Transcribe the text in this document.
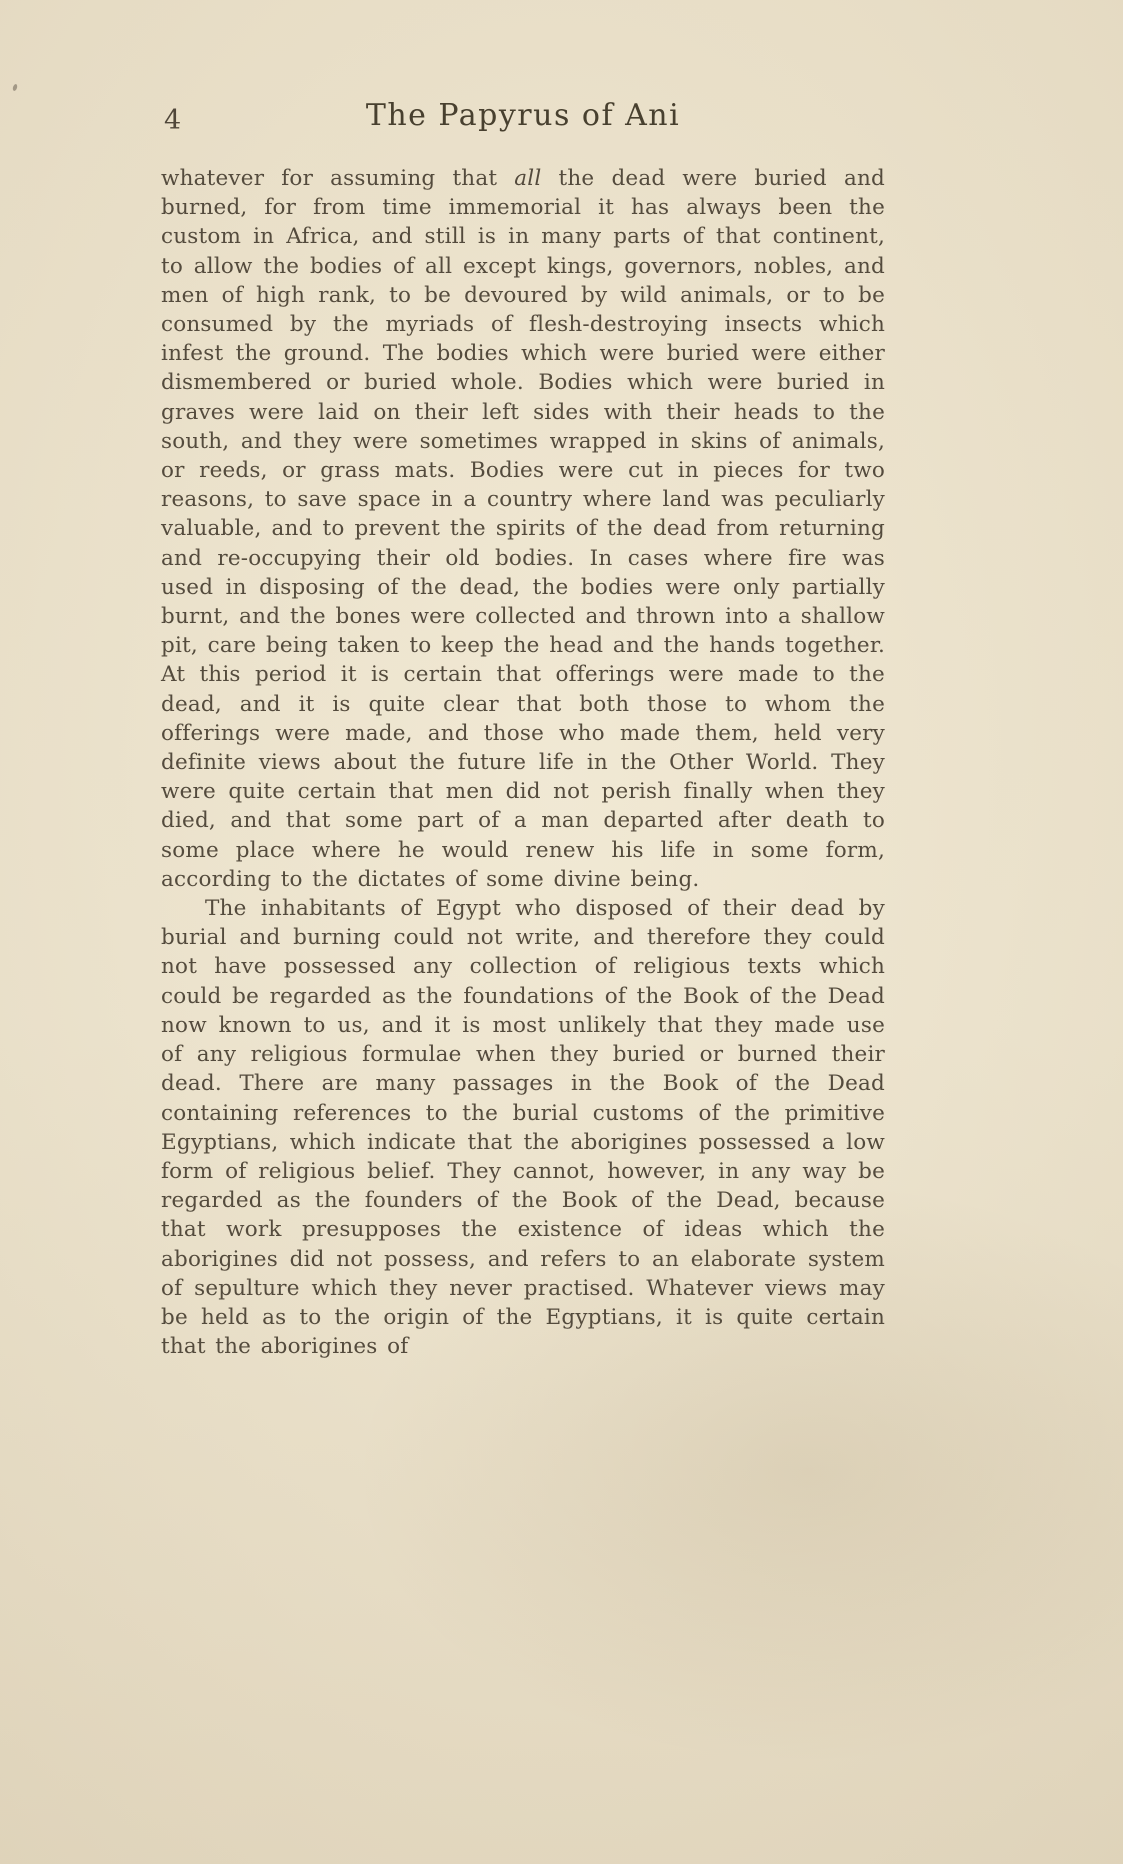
4	The Papyrus of Ani

whatever for assuming that all the dead were buried and burned, for from time immemorial it has always been the custom in Africa, and still is in many parts of that continent, to allow the bodies of all except kings, governors, nobles, and men of high rank, to be devoured by wild animals, or to be consumed by the myriads of flesh-destroying insects which infest the ground. The bodies which were buried were either dismembered or buried whole. Bodies which were buried in graves were laid on their left sides with their heads to the south, and they were sometimes wrapped in skins of animals, or reeds, or grass mats. Bodies were cut in pieces for two reasons, to save space in a country where land was peculiarly valuable, and to prevent the spirits of the dead from returning and re-occupying their old bodies. In cases where fire was used in disposing of the dead, the bodies were only partially burnt, and the bones were collected and thrown into a shallow pit, care being taken to keep the head and the hands together. At this period it is certain that offerings were made to the dead, and it is quite clear that both those to whom the offerings were made, and those who made them, held very definite views about the future life in the Other World. They were quite certain that men did not perish finally when they died, and that some part of a man departed after death to some place where he would renew his life in some form, according to the dictates of some divine being.

The inhabitants of Egypt who disposed of their dead by burial and burning could not write, and therefore they could not have possessed any collection of religious texts which could be regarded as the foundations of the Book of the Dead now known to us, and it is most unlikely that they made use of any religious formulae when they buried or burned their dead. There are many passages in the Book of the Dead containing references to the burial customs of the primitive Egyptians, which indicate that the aborigines possessed a low form of religious belief. They cannot, however, in any way be regarded as the founders of the Book of the Dead, because that work presupposes the existence of ideas which the aborigines did not possess, and refers to an elaborate system of sepulture which they never practised. Whatever views may be held as to the origin of the Egyptians, it is quite certain that the aborigines of
